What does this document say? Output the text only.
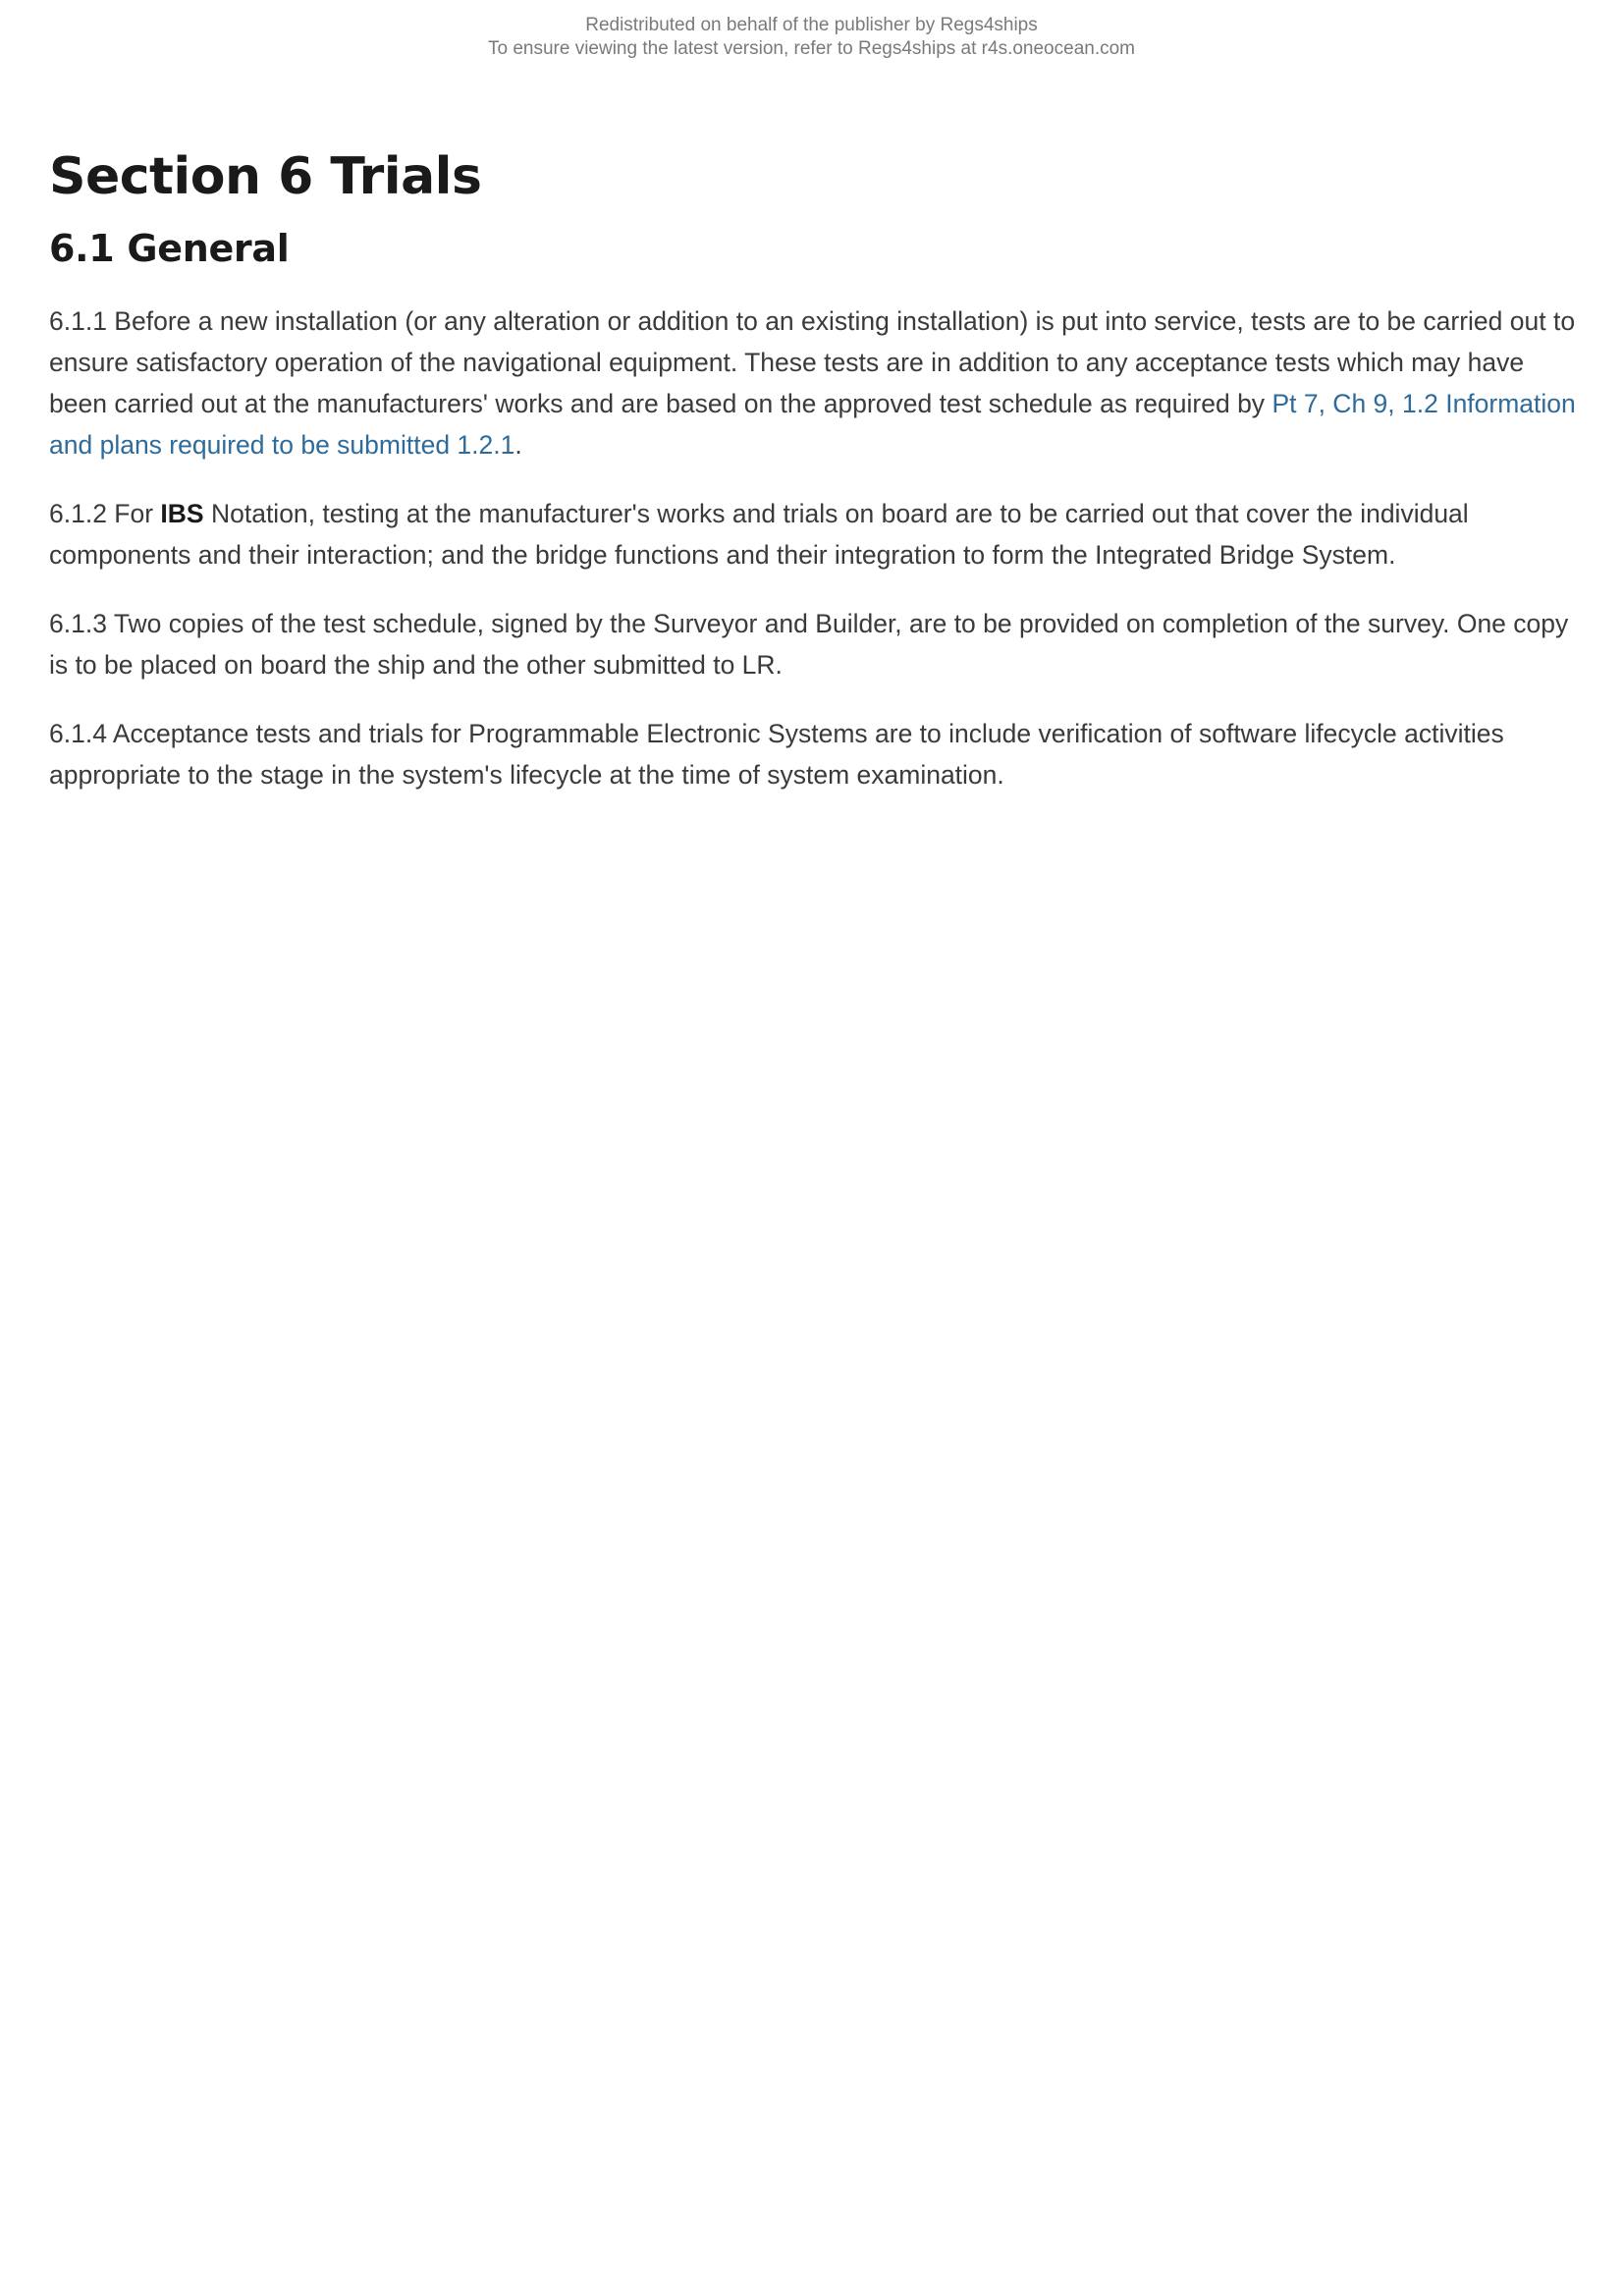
Redistributed on behalf of the publisher by Regs4ships
To ensure viewing the latest version, refer to Regs4ships at r4s.oneocean.com
Section 6 Trials
6.1 General

6.1.1 Before a new installation (or any alteration or addition to an existing installation) is put into service, tests are to be carried out to ensure satisfactory operation of the navigational equipment. These tests are in addition to any acceptance tests which may have been carried out at the manufacturers' works and are based on the approved test schedule as required by Pt 7, Ch 9, 1.2 Information and plans required to be submitted 1.2.1.

6.1.2 For IBS Notation, testing at the manufacturer's works and trials on board are to be carried out that cover the individual components and their interaction; and the bridge functions and their integration to form the Integrated Bridge System.

6.1.3 Two copies of the test schedule, signed by the Surveyor and Builder, are to be provided on completion of the survey. One copy is to be placed on board the ship and the other submitted to LR.

6.1.4 Acceptance tests and trials for Programmable Electronic Systems are to include verification of software lifecycle activities appropriate to the stage in the system's lifecycle at the time of system examination.
